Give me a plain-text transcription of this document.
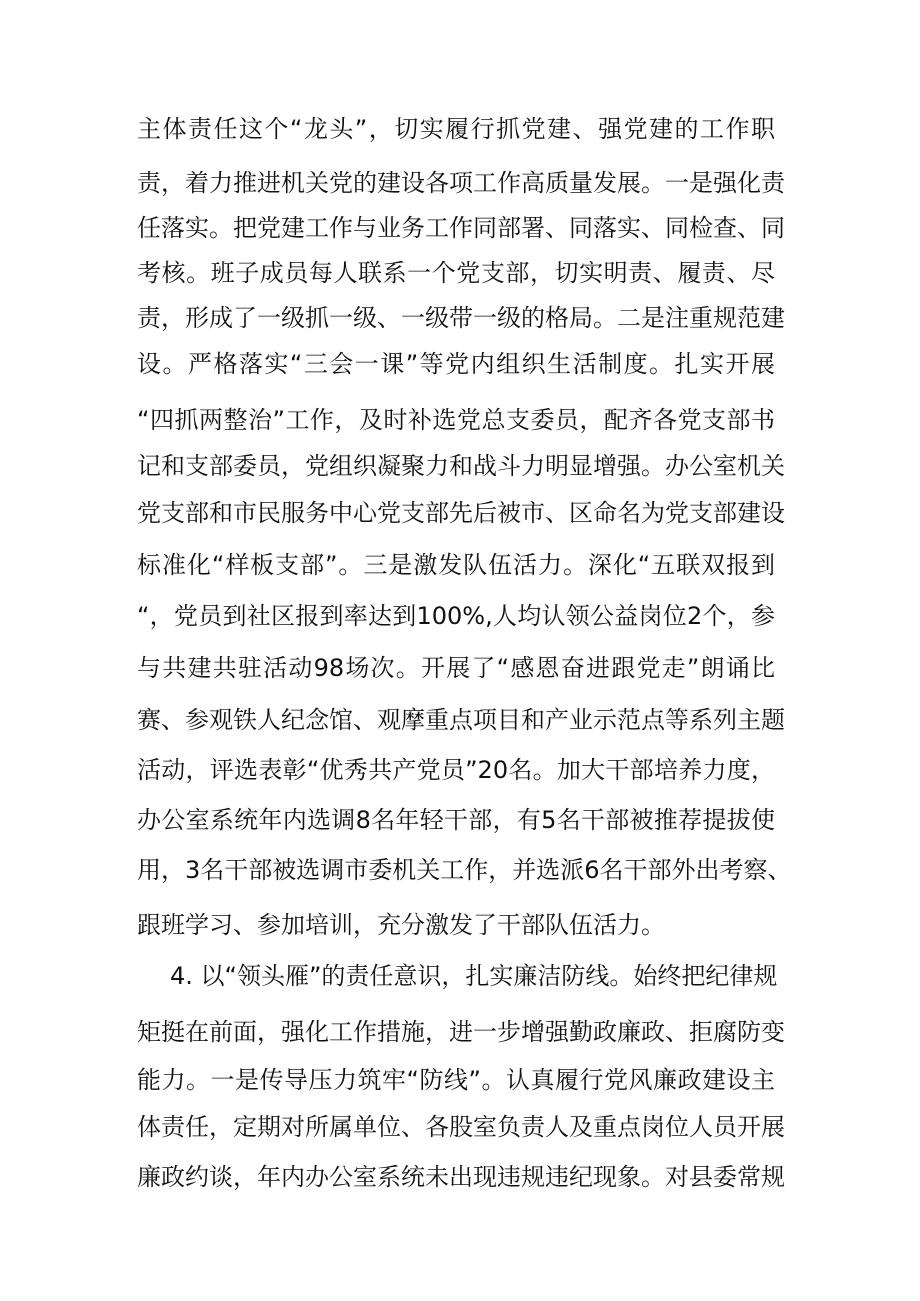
主体责任这个“龙头”，切实履行抓党建、强党建的工作职
责，着力推进机关党的建设各项工作高质量发展。一是强化责
任落实。把党建工作与业务工作同部署、同落实、同检查、同
考核。班子成员每人联系一个党支部，切实明责、履责、尽
责，形成了一级抓一级、一级带一级的格局。二是注重规范建
设。严格落实“三会一课”等党内组织生活制度。扎实开展
“四抓两整治”工作，及时补选党总支委员，配齐各党支部书
记和支部委员，党组织凝聚力和战斗力明显增强。办公室机关
党支部和市民服务中心党支部先后被市、区命名为党支部建设
标准化“样板支部”。三是激发队伍活力。深化“五联双报到
“，党员到社区报到率达到100%,人均认领公益岗位2个，参
与共建共驻活动98场次。开展了“感恩奋进跟党走”朗诵比
赛、参观铁人纪念馆、观摩重点项目和产业示范点等系列主题
活动，评选表彰“优秀共产党员”20名。加大干部培养力度，
办公室系统年内选调8名年轻干部，有5名干部被推荐提拔使
用，3名干部被选调市委机关工作，并选派6名干部外出考察、
跟班学习、参加培训，充分激发了干部队伍活力。
4. 以“领头雁”的责任意识，扎实廉洁防线。始终把纪律规
矩挺在前面，强化工作措施，进一步增强勤政廉政、拒腐防变
能力。一是传导压力筑牢“防线”。认真履行党风廉政建设主
体责任，定期对所属单位、各股室负责人及重点岗位人员开展
廉政约谈，年内办公室系统未出现违规违纪现象。对县委常规
